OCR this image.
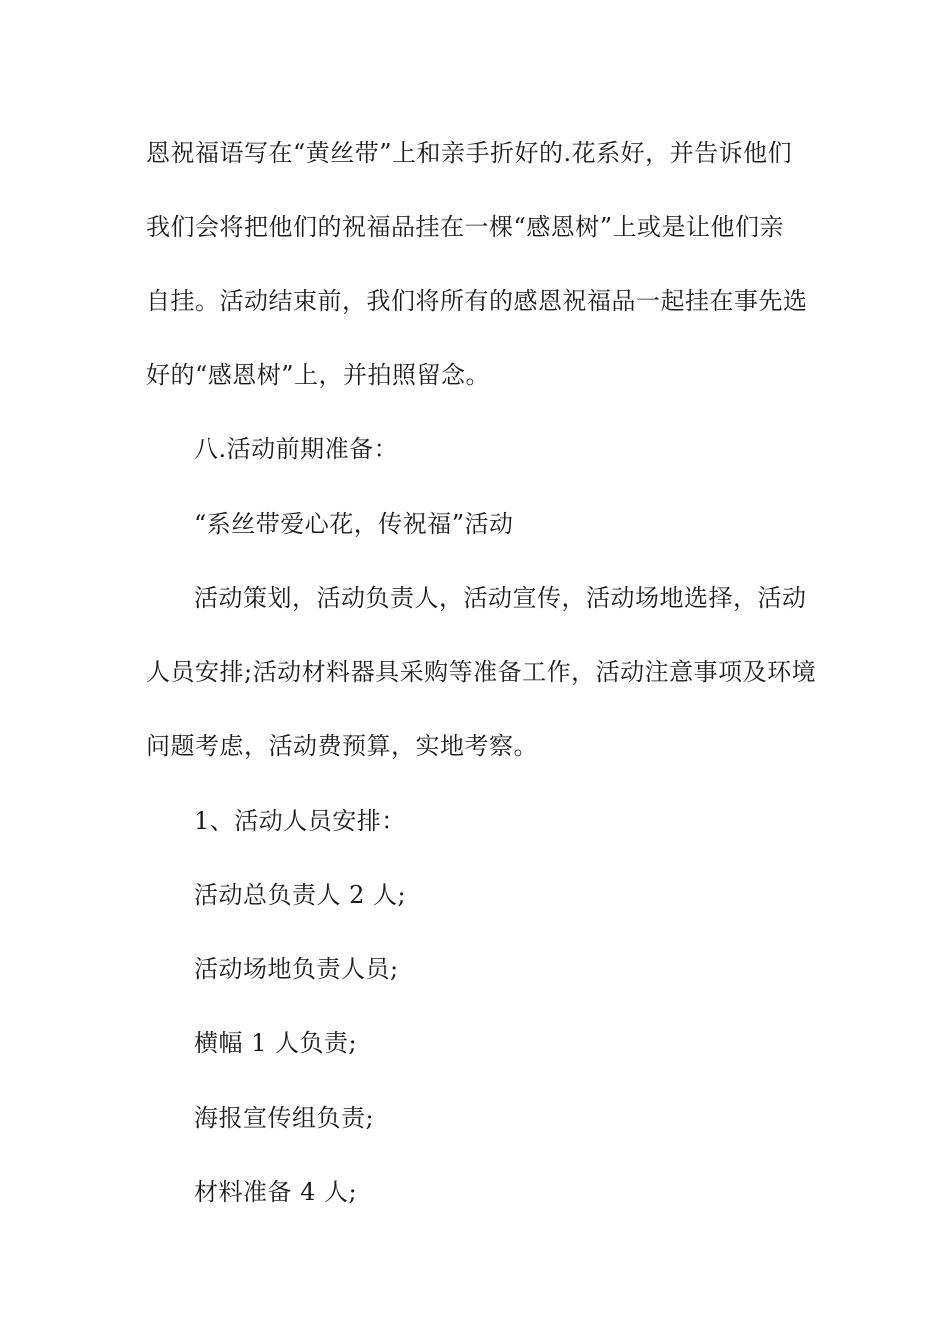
恩祝福语写在“黄丝带”上和亲手折好的.花系好，并告诉他们
我们会将把他们的祝福品挂在一棵“感恩树”上或是让他们亲
自挂。活动结束前，我们将所有的感恩祝福品一起挂在事先选
好的“感恩树”上，并拍照留念。
八.活动前期准备：
“系丝带爱心花，传祝福”活动
活动策划，活动负责人，活动宣传，活动场地选择，活动
人员安排;活动材料器具采购等准备工作，活动注意事项及环境
问题考虑，活动费预算，实地考察。
1、活动人员安排：
活动总负责人 2 人;
活动场地负责人员;
横幅 1 人负责;
海报宣传组负责;
材料准备 4 人;
